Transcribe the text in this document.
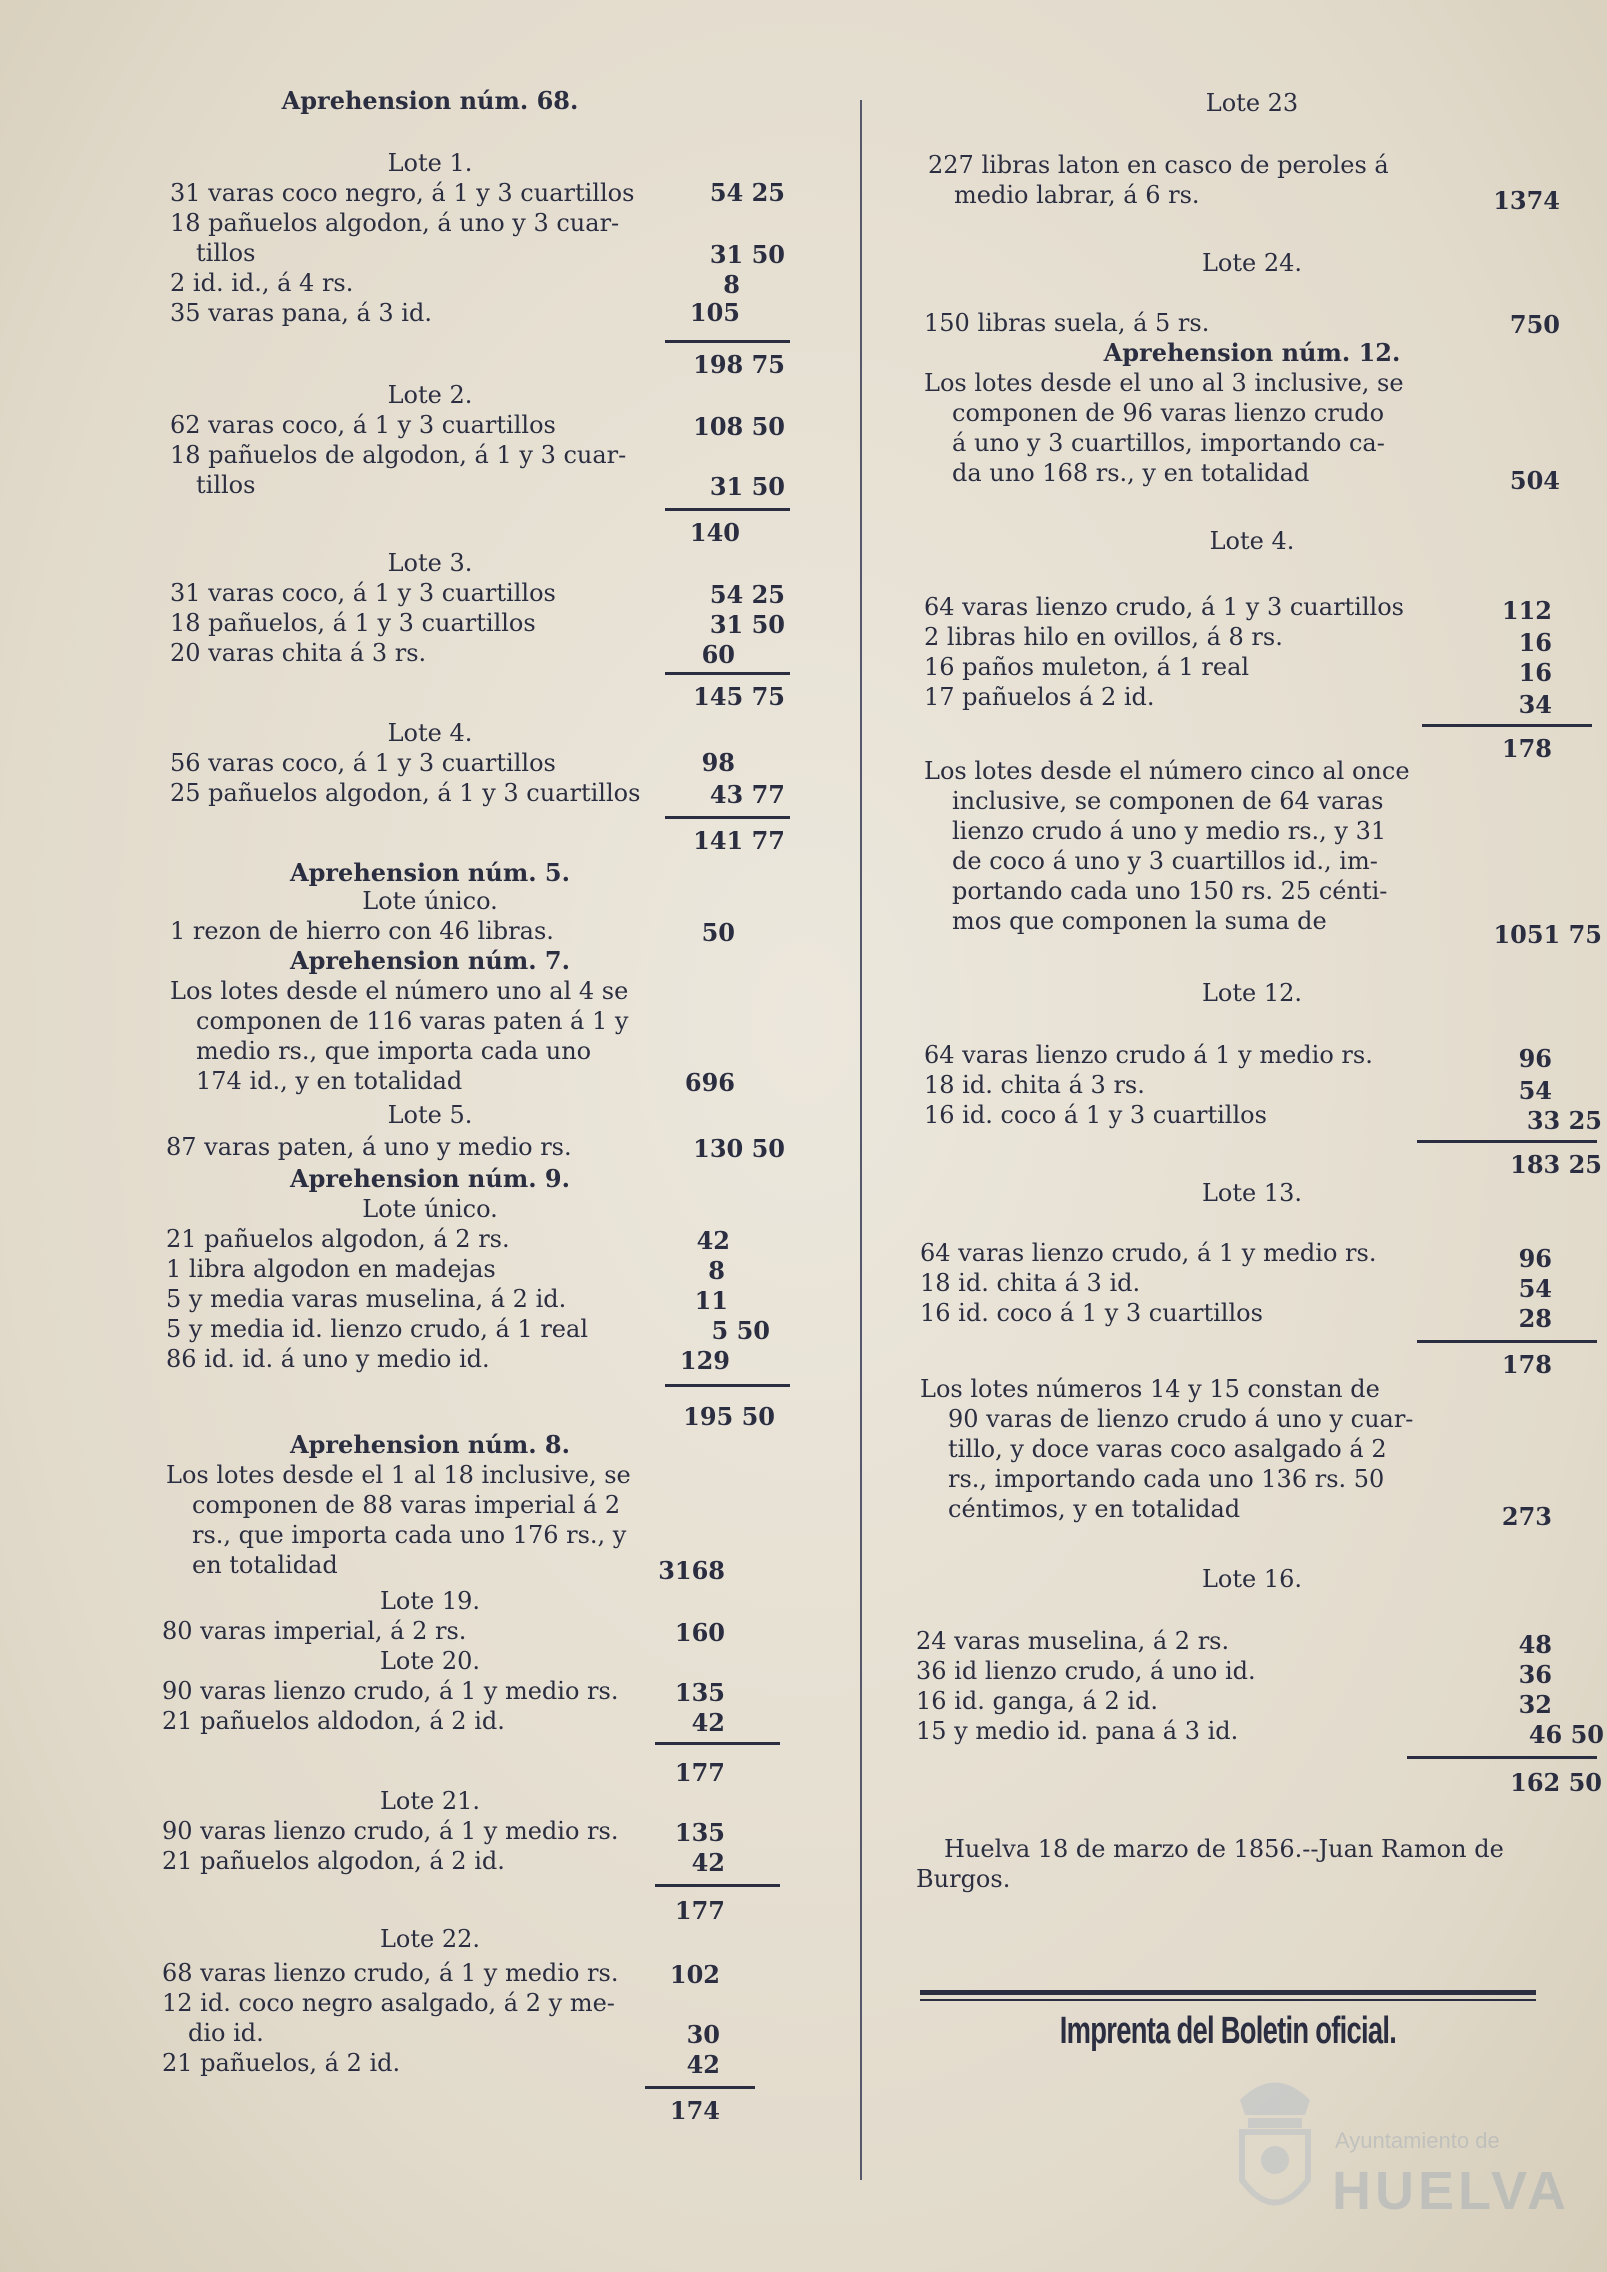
Aprehension núm. 68.
Lote 1.
31 varas coco negro, á 1 y 3 cuartillos	54 25
18 pañuelos algodon, á uno y 3 cuar-
tillos	31 50
2 id. id., á 4 rs.	8
35 varas pana, á 3 id.	105
198 75
Lote 2.
62 varas coco, á 1 y 3 cuartillos	108 50
18 pañuelos de algodon, á 1 y 3 cuar-
tillos	31 50
140
Lote 3.
31 varas coco, á 1 y 3 cuartillos	54 25
18 pañuelos, á 1 y 3 cuartillos	31 50
20 varas chita á 3 rs.	60
145 75
Lote 4.
56 varas coco, á 1 y 3 cuartillos	98
25 pañuelos algodon, á 1 y 3 cuartillos	43 77
141 77
Aprehension núm. 5.
Lote único.
1 rezon de hierro con 46 libras.	50
Aprehension núm. 7.
Los lotes desde el número uno al 4 se
componen de 116 varas paten á 1 y
medio rs., que importa cada uno
174 id., y en totalidad	696
Lote 5.
87 varas paten, á uno y medio rs.	130 50
Aprehension núm. 9.
Lote único.
21 pañuelos algodon, á 2 rs.	42
1 libra algodon en madejas	8
5 y media varas muselina, á 2 id.	11
5 y media id. lienzo crudo, á 1 real	5 50
86 id. id. á uno y medio id.	129
195 50
Aprehension núm. 8.
Los lotes desde el 1 al 18 inclusive, se
componen de 88 varas imperial á 2
rs., que importa cada uno 176 rs., y
en totalidad	3168
Lote 19.
80 varas imperial, á 2 rs.	160
Lote 20.
90 varas lienzo crudo, á 1 y medio rs.	135
21 pañuelos aldodon, á 2 id.	42
177
Lote 21.
90 varas lienzo crudo, á 1 y medio rs.	135
21 pañuelos algodon, á 2 id.	42
177
Lote 22.
68 varas lienzo crudo, á 1 y medio rs.	102
12 id. coco negro asalgado, á 2 y me-
dio id.	30
21 pañuelos, á 2 id.	42
174
Lote 23
227 libras laton en casco de peroles á
medio labrar, á 6 rs.	1374
Lote 24.
150 libras suela, á 5 rs.	750
Aprehension núm. 12.
Los lotes desde el uno al 3 inclusive, se
componen de 96 varas lienzo crudo
á uno y 3 cuartillos, importando ca-
da uno 168 rs., y en totalidad	504
Lote 4.
64 varas lienzo crudo, á 1 y 3 cuartillos	112
2 libras hilo en ovillos, á 8 rs.	16
16 paños muleton, á 1 real	16
17 pañuelos á 2 id.	34
178
Los lotes desde el número cinco al once
inclusive, se componen de 64 varas
lienzo crudo á uno y medio rs., y 31
de coco á uno y 3 cuartillos id., im-
portando cada uno 150 rs. 25 cénti-
mos que componen la suma de	1051 75
Lote 12.
64 varas lienzo crudo á 1 y medio rs.	96
18 id. chita á 3 rs.	54
16 id. coco á 1 y 3 cuartillos	33 25
183 25
Lote 13.
64 varas lienzo crudo, á 1 y medio rs.	96
18 id. chita á 3 id.	54
16 id. coco á 1 y 3 cuartillos	28
178
Los lotes números 14 y 15 constan de
90 varas de lienzo crudo á uno y cuar-
tillo, y doce varas coco asalgado á 2
rs., importando cada uno 136 rs. 50
céntimos, y en totalidad	273
Lote 16.
24 varas muselina, á 2 rs.	48
36 id lienzo crudo, á uno id.	36
16 id. ganga, á 2 id.	32
15 y medio id. pana á 3 id.	46 50
162 50
Huelva 18 de marzo de 1856.--Juan Ramon de
Burgos.
Imprenta del Boletin oficial.
Ayuntamiento de
HUELVA
